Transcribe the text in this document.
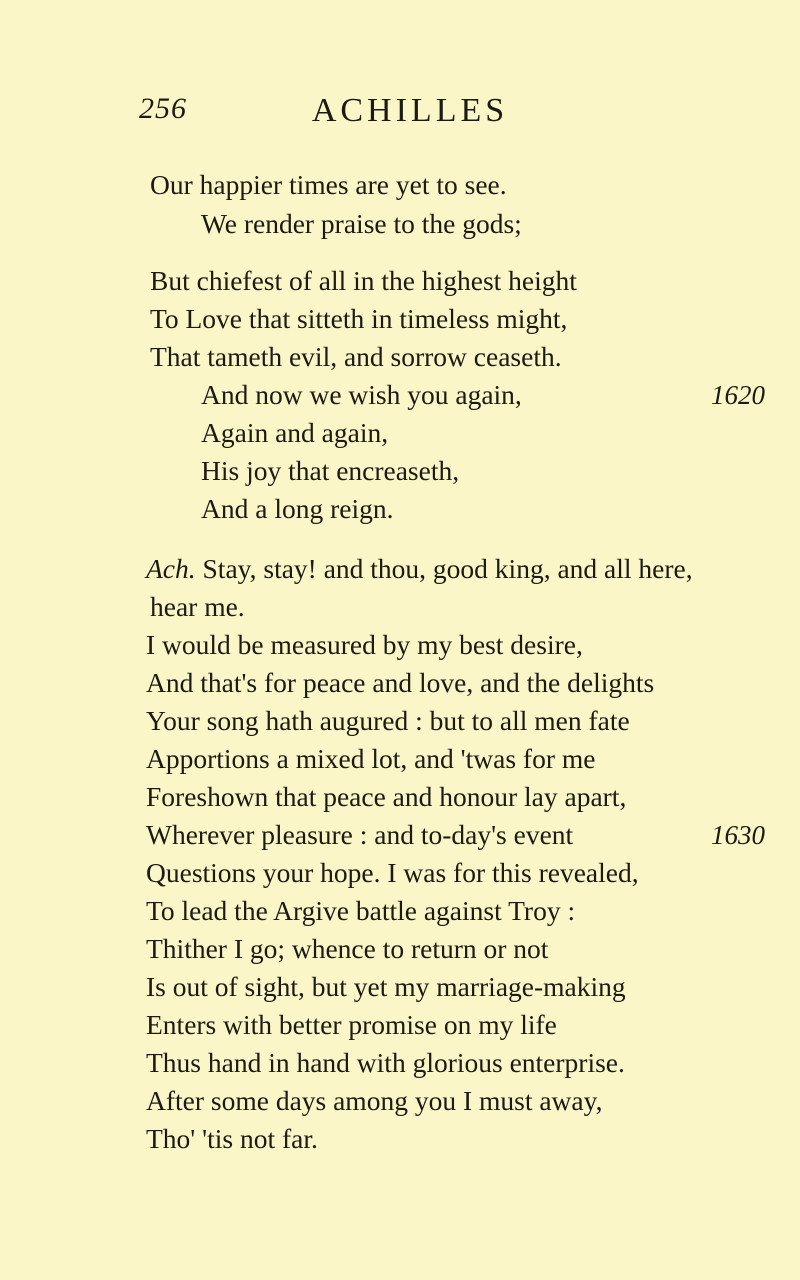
256	ACHILLES
Our happier times are yet to see.
We render praise to the gods;
But chiefest of all in the highest height
To Love that sitteth in timeless might,
That tameth evil, and sorrow ceaseth.
And now we wish you again,
Again and again,
His joy that encreaseth,
And a long reign.
Ach. Stay, stay! and thou, good king, and all here,
hear me.
I would be measured by my best desire,
And that's for peace and love, and the delights
Your song hath augured : but to all men fate
Apportions a mixed lot, and 'twas for me
Foreshown that peace and honour lay apart,
Wherever pleasure : and to-day's event
Questions your hope. I was for this revealed,
To lead the Argive battle against Troy :
Thither I go; whence to return or not
Is out of sight, but yet my marriage-making
Enters with better promise on my life
Thus hand in hand with glorious enterprise.
After some days among you I must away,
Tho' 'tis not far.
1620
1630
